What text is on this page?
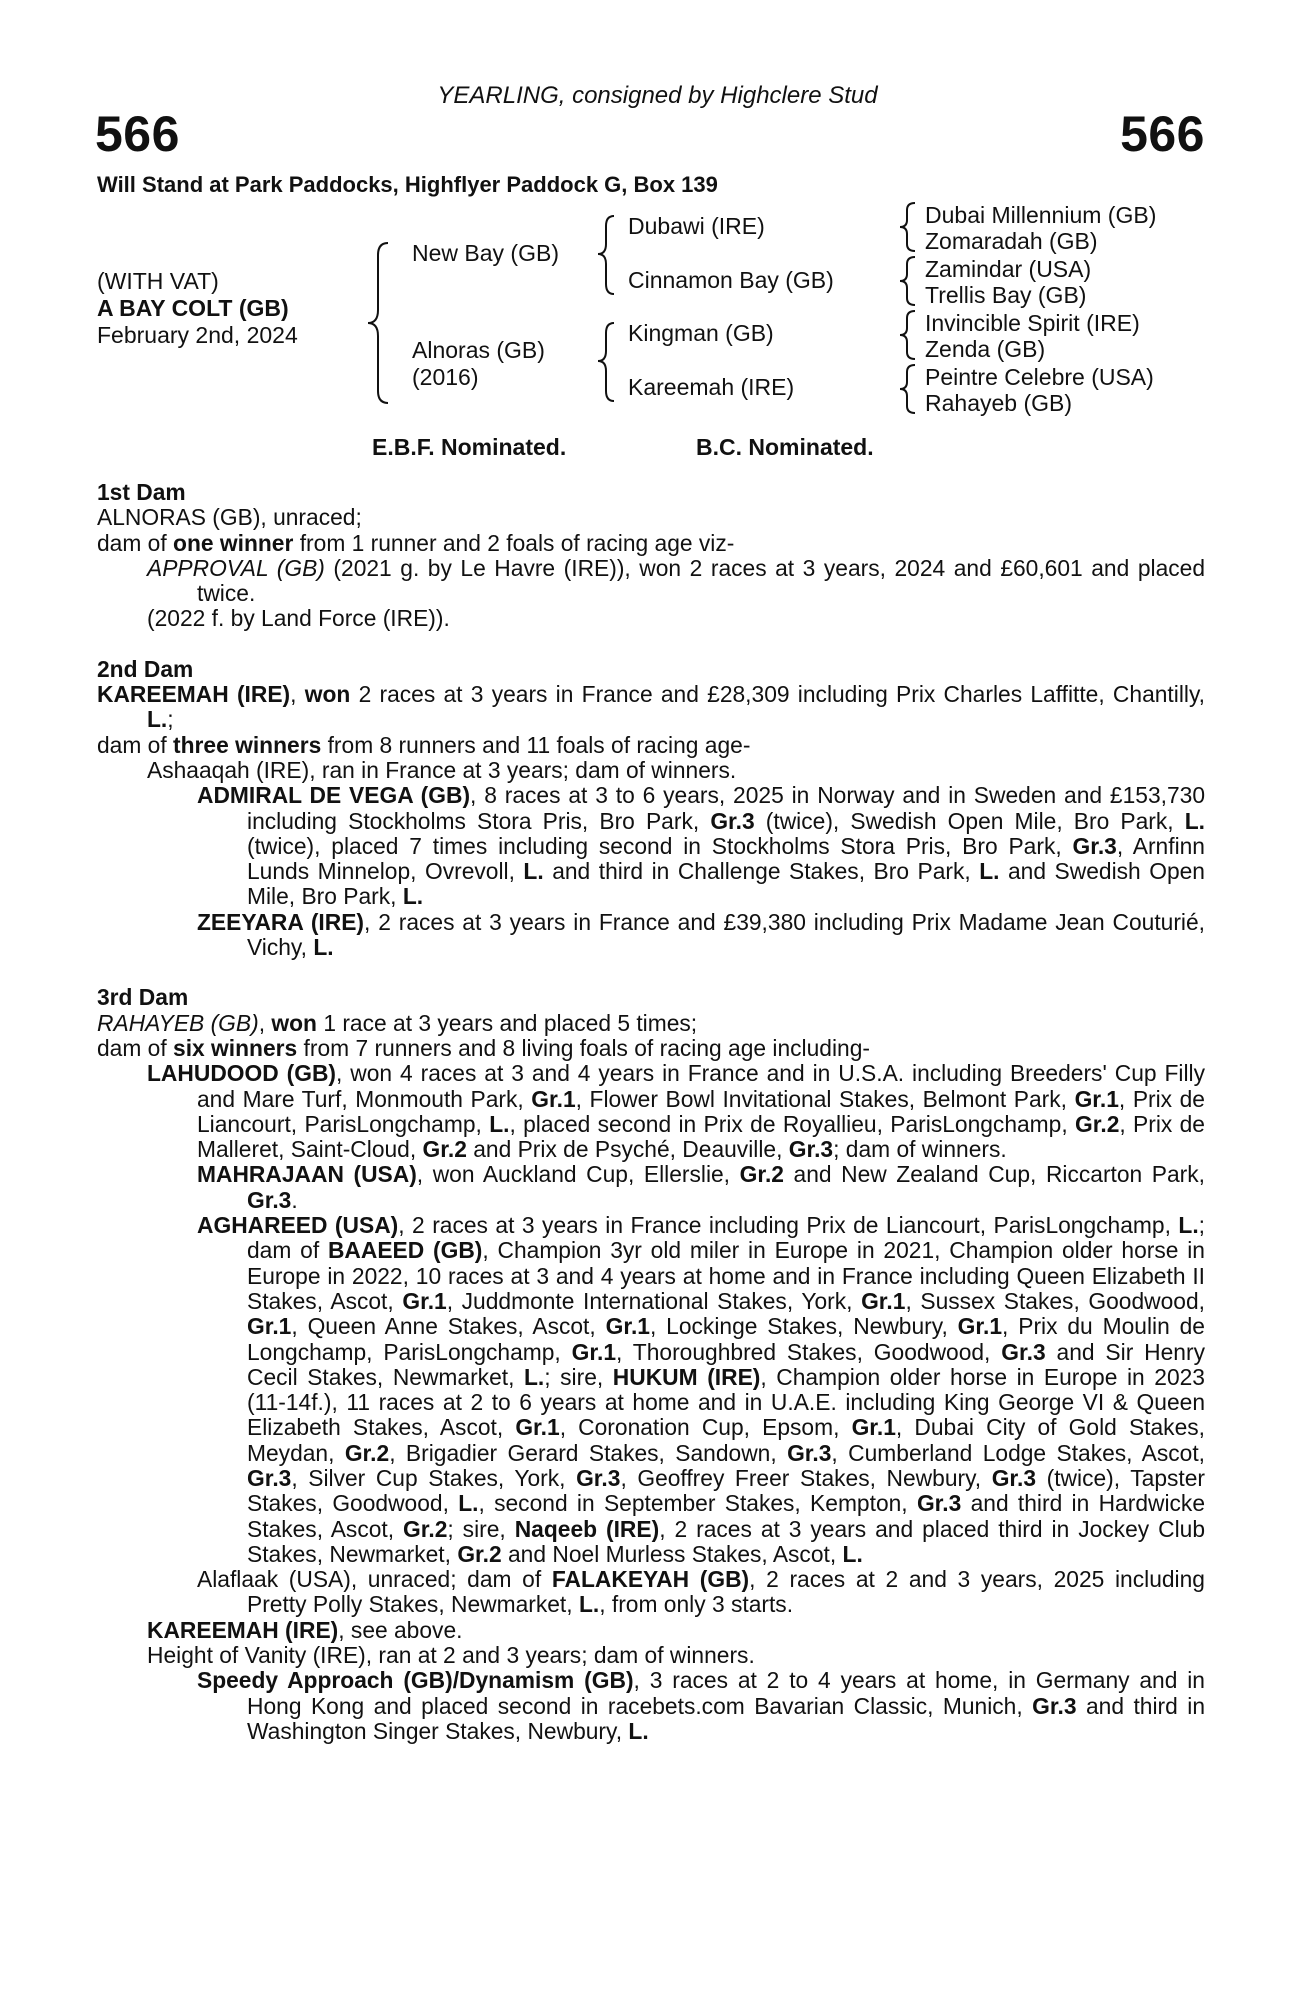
YEARLING, consigned by Highclere Stud
566	566
Will Stand at Park Paddocks, Highflyer Paddock G, Box 139
(WITH VAT)
A BAY COLT (GB)
February 2nd, 2024
New Bay (GB)
Alnoras (GB)
(2016)
Dubawi (IRE)
Cinnamon Bay (GB)
Kingman (GB)
Kareemah (IRE)
Dubai Millennium (GB)
Zomaradah (GB)
Zamindar (USA)
Trellis Bay (GB)
Invincible Spirit (IRE)
Zenda (GB)
Peintre Celebre (USA)
Rahayeb (GB)
E.B.F. Nominated.	B.C. Nominated.

1st Dam

ALNORAS (GB), unraced;

dam of one winner from 1 runner and 2 foals of racing age viz-

APPROVAL (GB) (2021 g. by Le Havre (IRE)), won 2 races at 3 years, 2024 and £60,601 and placed twice.

(2022 f. by Land Force (IRE)).

2nd Dam

KAREEMAH (IRE), won 2 races at 3 years in France and £28,309 including Prix Charles Laffitte, Chantilly, L.;

dam of three winners from 8 runners and 11 foals of racing age-

Ashaaqah (IRE), ran in France at 3 years; dam of winners.

ADMIRAL DE VEGA (GB), 8 races at 3 to 6 years, 2025 in Norway and in Sweden and £153,730 including Stockholms Stora Pris, Bro Park, Gr.3 (twice), Swedish Open Mile, Bro Park, L. (twice), placed 7 times including second in Stockholms Stora Pris, Bro Park, Gr.3, Arnfinn Lunds Minnelop, Ovrevoll, L. and third in Challenge Stakes, Bro Park, L. and Swedish Open Mile, Bro Park, L.

ZEEYARA (IRE), 2 races at 3 years in France and £39,380 including Prix Madame Jean Couturié, Vichy, L.

3rd Dam

RAHAYEB (GB), won 1 race at 3 years and placed 5 times;

dam of six winners from 7 runners and 8 living foals of racing age including-

LAHUDOOD (GB), won 4 races at 3 and 4 years in France and in U.S.A. including Breeders' Cup Filly and Mare Turf, Monmouth Park, Gr.1, Flower Bowl Invitational Stakes, Belmont Park, Gr.1, Prix de Liancourt, ParisLongchamp, L., placed second in Prix de Royallieu, ParisLongchamp, Gr.2, Prix de Malleret, Saint-Cloud, Gr.2 and Prix de Psyché, Deauville, Gr.3; dam of winners.

MAHRAJAAN (USA), won Auckland Cup, Ellerslie, Gr.2 and New Zealand Cup, Riccarton Park, Gr.3.

AGHAREED (USA), 2 races at 3 years in France including Prix de Liancourt, ParisLongchamp, L.; dam of BAAEED (GB), Champion 3yr old miler in Europe in 2021, Champion older horse in Europe in 2022, 10 races at 3 and 4 years at home and in France including Queen Elizabeth II Stakes, Ascot, Gr.1, Juddmonte International Stakes, York, Gr.1, Sussex Stakes, Goodwood, Gr.1, Queen Anne Stakes, Ascot, Gr.1, Lockinge Stakes, Newbury, Gr.1, Prix du Moulin de Longchamp, ParisLongchamp, Gr.1, Thoroughbred Stakes, Goodwood, Gr.3 and Sir Henry Cecil Stakes, Newmarket, L.; sire, HUKUM (IRE), Champion older horse in Europe in 2023 (11-14f.), 11 races at 2 to 6 years at home and in U.A.E. including King George VI & Queen Elizabeth Stakes, Ascot, Gr.1, Coronation Cup, Epsom, Gr.1, Dubai City of Gold Stakes, Meydan, Gr.2, Brigadier Gerard Stakes, Sandown, Gr.3, Cumberland Lodge Stakes, Ascot, Gr.3, Silver Cup Stakes, York, Gr.3, Geoffrey Freer Stakes, Newbury, Gr.3 (twice), Tapster Stakes, Goodwood, L., second in September Stakes, Kempton, Gr.3 and third in Hardwicke Stakes, Ascot, Gr.2; sire, Naqeeb (IRE), 2 races at 3 years and placed third in Jockey Club Stakes, Newmarket, Gr.2 and Noel Murless Stakes, Ascot, L.

Alaflaak (USA), unraced; dam of FALAKEYAH (GB), 2 races at 2 and 3 years, 2025 including Pretty Polly Stakes, Newmarket, L., from only 3 starts.

KAREEMAH (IRE), see above.

Height of Vanity (IRE), ran at 2 and 3 years; dam of winners.

Speedy Approach (GB)/Dynamism (GB), 3 races at 2 to 4 years at home, in Germany and in Hong Kong and placed second in racebets.com Bavarian Classic, Munich, Gr.3 and third in Washington Singer Stakes, Newbury, L.
